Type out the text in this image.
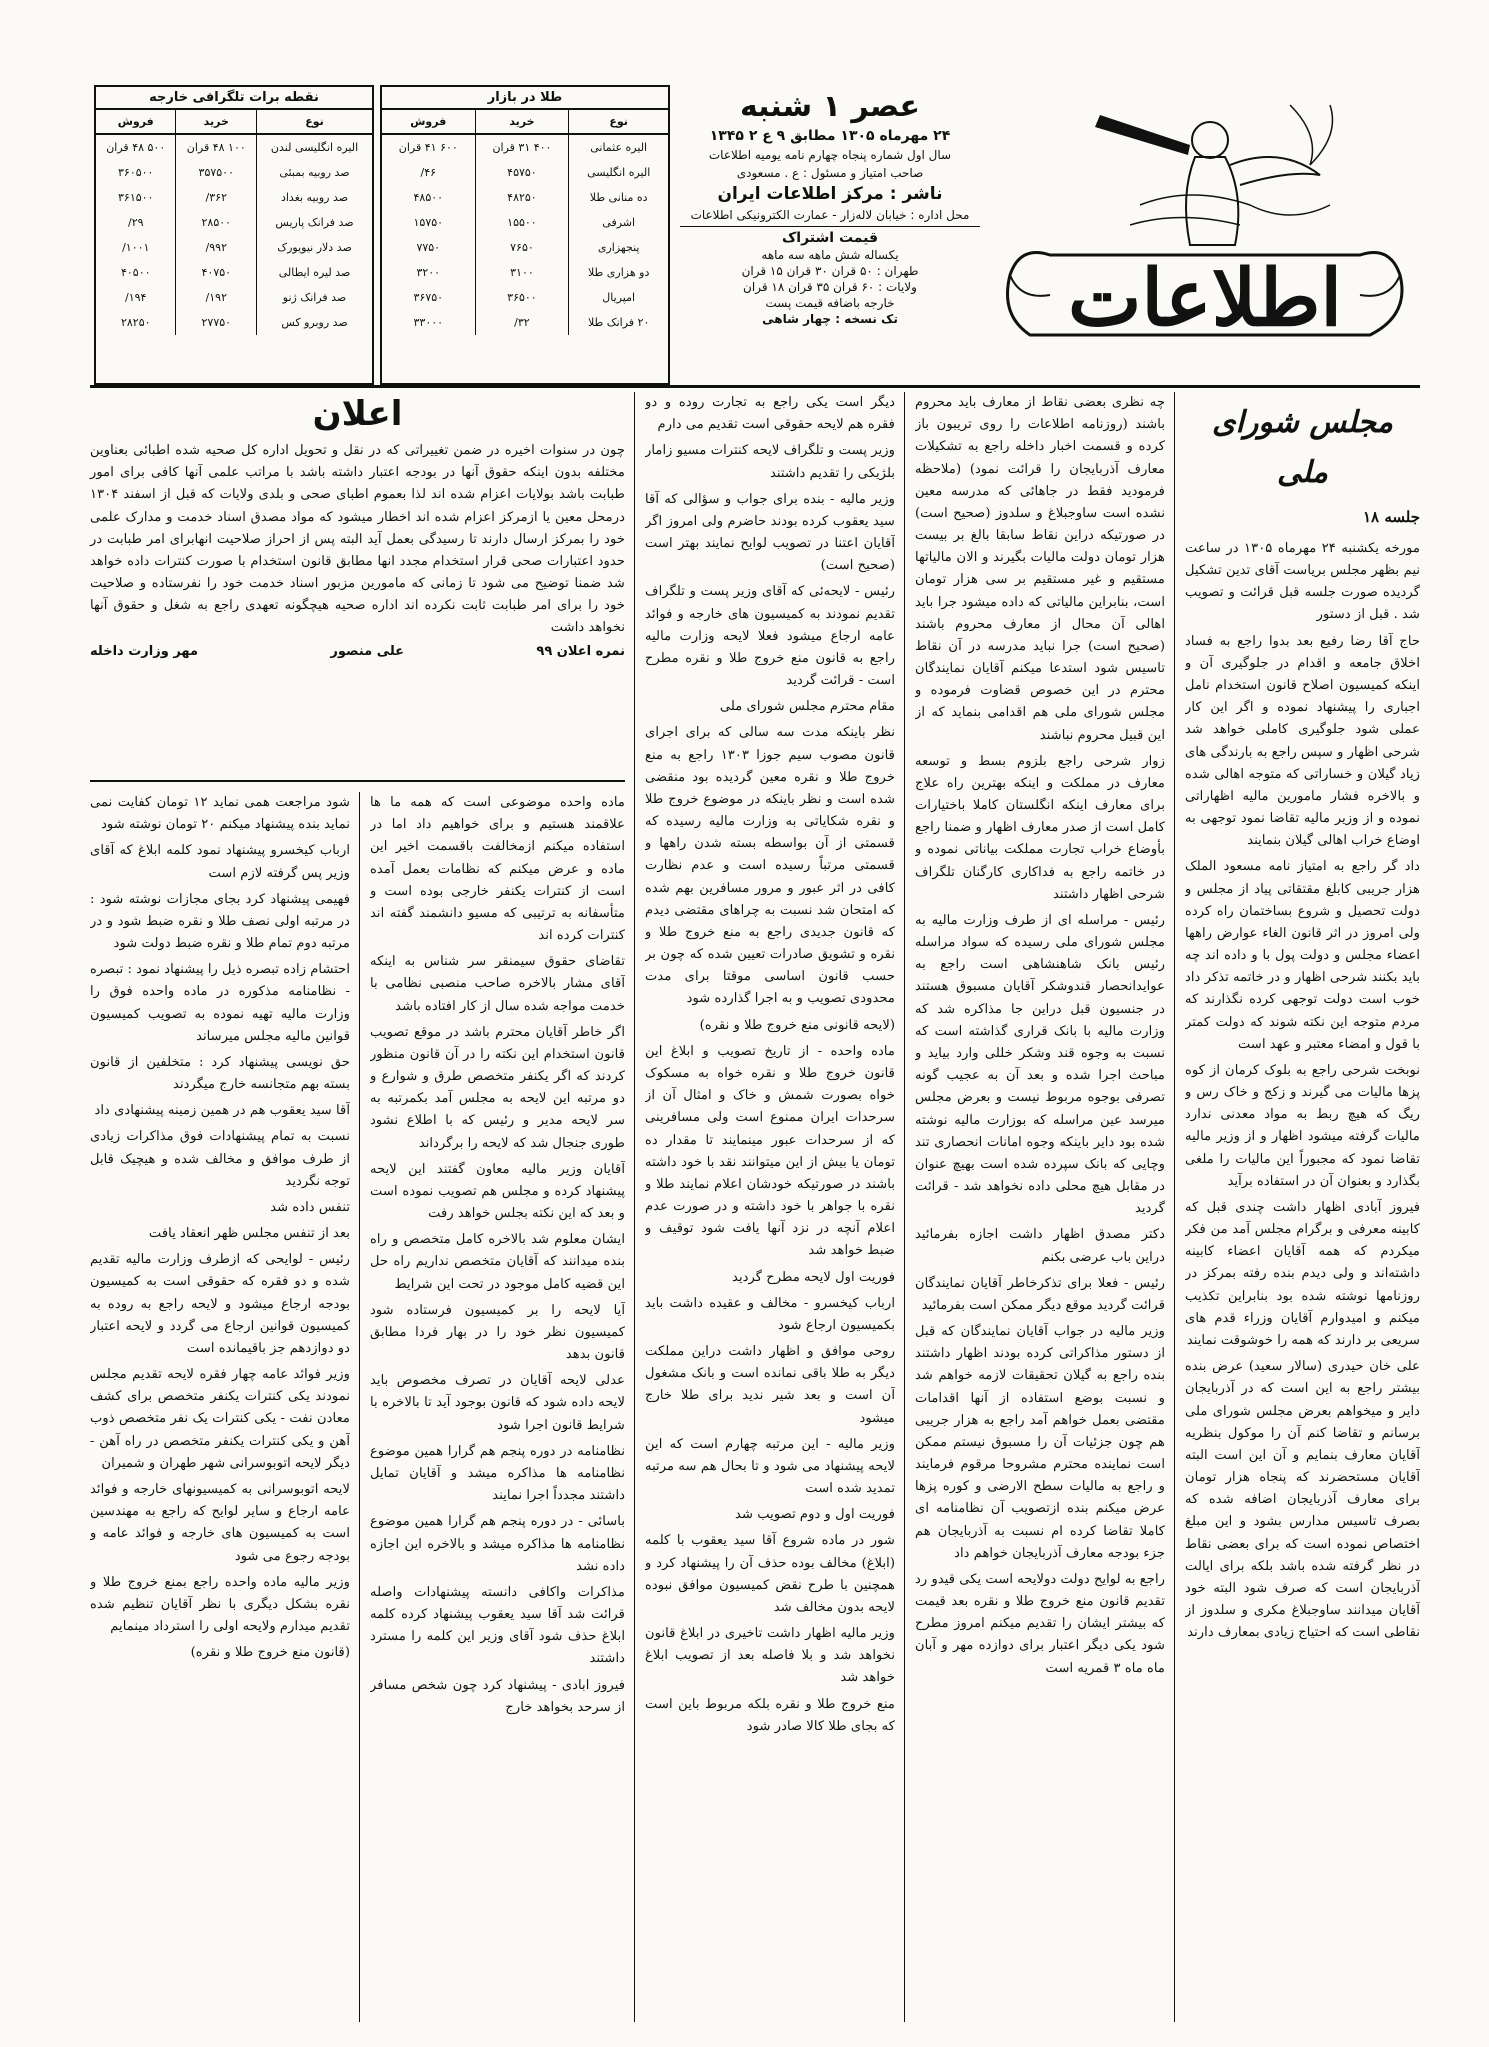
اطلاعات
عصر ۱ شنبه
۲۴ مهرماه ۱۳۰۵ مطابق ۹ ع ۲ ۱۳۴۵
سال اول شماره پنجاه چهارم نامه یومیه اطلاعات
صاحب امتیاز و مسئول : ع . مسعودی
ناشر : مرکز اطلاعات ایران
محل اداره : خیابان لاله‌زار - عمارت الکترونیکی اطلاعات
قیمت اشتراک
یکساله شش ماهه سه ماهه
طهران : ۵۰ قران ۳۰ قران ۱۵ قران
ولایات : ۶۰ قران ۳۵ قران ۱۸ قران
خارجه باضافه قیمت پست
تک نسخه : چهار شاهی
طلا در بازار
نوع	خرید	فروش
الیره عثمانی	۴۰۰ ۳۱ قران	۶۰۰ ۴۱ قران
الیره انگلیسی	۴۵۷۵۰	۴۶/
ده منانی طلا	۴۸۲۵۰	۴۸۵۰۰
اشرفی	۱۵۵۰۰	۱۵۷۵۰
پنجهزاری	۷۶۵۰	۷۷۵۰
دو هزاری طلا	۳۱۰۰	۳۲۰۰
امپریال	۳۶۵۰۰	۳۶۷۵۰
۲۰ فرانک طلا	۳۲/	۳۳۰۰۰
نقطه برات تلگرافی خارجه
نوع	خرید	فروش
الیره انگلیسی لندن	۱۰۰ ۴۸ قران	۵۰۰ ۴۸ قران
صد روبیه بمبئی	۳۵۷۵۰۰	۳۶۰۵۰۰
صد روبیه بغداد	۳۶۲/	۳۶۱۵۰۰
صد فرانک پاریس	۲۸۵۰۰	۲۹/
صد دلار نیویورک	۹۹۲/	۱۰۰۱/
صد لیره ایطالی	۴۰۷۵۰	۴۰۵۰۰
صد فرانک ژنو	۱۹۲/	۱۹۴/
صد روبرو کس	۲۷۷۵۰	۲۸۲۵۰
مجلس شورای ملی
جلسه ۱۸

مورخه یکشنبه ۲۴ مهرماه ۱۳۰۵ در ساعت نیم بظهر مجلس بریاست آقای تدین تشکیل گردیده صورت جلسه قبل قرائت و تصویب شد . قبل از دستور

حاج آقا رضا رفیع بعد بدوا راجع به فساد اخلاق جامعه و اقدام در جلوگیری آن و اینکه کمیسیون اصلاح قانون استخدام نامل اجباری را پیشنهاد نموده و اگر این کار عملی شود جلوگیری کاملی خواهد شد شرحی اظهار و سپس راجع به بارندگی های زیاد گیلان و خساراتی که متوجه اهالی شده و بالاخره فشار مامورین مالیه اظهاراتی نموده و از وزیر مالیه تقاضا نمود توجهی به اوضاع خراب اهالی گیلان بنمایند

داد گر راجع به امتیاز نامه مسعود الملک هزار جریبی کابلغ مقتقاتی پیاد از مجلس و دولت تحصیل و شروع بساختمان راه کرده ولی امروز در اثر قانون الغاء عوارض راهها اعضاء مجلس و دولت پول با و داده اند چه باید بکنند شرحی اظهار و در خاتمه تذکر داد خوب است دولت توجهی کرده نگذارند که مردم متوجه این نکته شوند که دولت کمتر با قول و امضاء معتبر و عهد است

نوبخت شرحی راجع به بلوک کرمان از کوه پزها مالیات می گیرند و زکج و خاک رس و ریگ که هیچ ربط به مواد معدنی ندارد مالیات گرفته میشود اظهار و از وزیر مالیه تقاضا نمود که مجبوراً این مالیات را ملغی بگذارد و بعنوان آن در استفاده برآید

فیروز آبادی اظهار داشت چندی قبل که کابینه معرفی و برگرام مجلس آمد من فکر میکردم که همه آقایان اعضاء کابینه داشته‌اند و ولی دیدم بنده رفته بمرکز در روزنامها نوشته شده بود بنابراین تکذیب میکنم و امیدوارم آقایان وزراء قدم های سریعی بر دارند که همه را خوشوقت نمایند

علی خان حیدری (سالار سعید) عرض بنده بیشتر راجع به این است که در آذربایجان دایر و میخواهم بعرض مجلس شورای ملی برسانم و تقاضا کنم آن را موکول بنظریه آقایان معارف بنمایم و آن این است البته آقایان مستحضرند که پنجاه هزار تومان برای معارف آذربایجان اضافه شده که بصرف تاسیس مدارس بشود و این مبلغ اختصاص نموده است که برای بعضی نقاط در نظر گرفته شده باشد بلکه برای ایالت آذربایجان است که صرف شود البته خود آقایان میدانند ساوجبلاغ مکری و سلدوز از نقاطی است که احتیاج زیادی بمعارف دارند

چه نظری بعضی نقاط از معارف باید محروم باشند (روزنامه اطلاعات را روی تریبون باز کرده و قسمت اخبار داخله راجع به تشکیلات معارف آذربایجان را قرائت نمود) (ملاحظه فرمودید فقط در جاهائی که مدرسه معین نشده است ساوجبلاغ و سلدوز (صحیح است) در صورتیکه دراین نقاط سابقا بالغ بر بیست هزار تومان دولت مالیات بگیرند و الان مالیاتها مستقیم و غیر مستقیم بر سی هزار تومان است، بنابراین مالیاتی که داده میشود جرا باید اهالی آن محال از معارف محروم باشند (صحیح است) جرا نباید مدرسه در آن نقاط تاسیس شود استدعا میکنم آقایان نمایندگان محترم در این خصوص قضاوت فرموده و مجلس شورای ملی هم اقدامی بنماید که از این قبیل محروم نباشند

زوار شرحی راجع بلزوم بسط و توسعه معارف در مملکت و اینکه بهترین راه علاج برای معارف اینکه انگلستان کاملا باختیارات کامل است از صدر معارف اظهار و ضمنا راجع بأوضاع خراب تجارت مملکت بیاناتی نموده و در خاتمه راجع به فداکاری کارگنان تلگراف شرحی اظهار داشتند

رئیس - مراسله ای از طرف وزارت مالیه به مجلس شورای ملی رسیده که سواد مراسله رئیس بانک شاهنشاهی است راجع به عوایدانحصار قندوشکر آقایان مسبوق هستند در جنسیون قبل دراین جا مذاکره شد که وزارت مالیه با بانک قراری گذاشته است که نسبت به وجوه قند وشکر خللی وارد بیاید و مباحث اجرا شده و بعد آن به عجیب گونه تصرفی بوجوه مربوط نیست و بعرض مجلس میرسد عین مراسله که بوزارت مالیه نوشته شده بود دایر باینکه وجوه امانات انحصاری تند وچایی که بانک سپرده شده است بهیچ عنوان در مقابل هیچ محلی داده نخواهد شد - قرائت گردید

دکتر مصدق اظهار داشت اجازه بفرمائید دراین باب عرضی بکنم

رئیس - فعلا برای تذکرخاطر آقایان نمایندگان قرائت گردید موقع دیگر ممکن است بفرمائید

وزیر مالیه در جواب آقایان نمایندگان که قبل از دستور مذاکراتی کرده بودند اظهار داشتند بنده راجع به گیلان تحقیقات لازمه خواهم شد و نسبت بوضع استفاده از آنها اقدامات مقتضی بعمل خواهم آمد راجع به هزار جریبی هم چون جزئیات آن را مسبوق نیستم ممکن است نماینده محترم مشروحا مرقوم فرمایند و راجع به مالیات سطح الارضی و کوره پزها عرض میکنم بنده ازتصویب آن نظامنامه ای کاملا تقاضا کرده ام نسبت به آذربایجان هم جزء بودجه معارف آذربایجان خواهم داد

راجع به لوایح دولت دولایحه است یکی قیدو رد تقدیم قانون منع خروج طلا و نقره بعد قیمت که بیشتر ایشان را تقدیم میکنم امروز مطرح شود یکی دیگر اعتبار برای دوازده مهر و آبان ماه ماه ۳ قمریه است

دیگر است یکی راجع به تجارت روده و دو فقره هم لایحه حقوقی است تقدیم می دارم

وزیر پست و تلگراف لایحه کنترات مسیو زامار بلژیکی را تقدیم داشتند

وزیر مالیه - بنده برای جواب و سؤالی که آقا سید یعقوب کرده بودند حاضرم ولی امروز اگر آقایان اعتنا در تصویب لوایح نمایند بهتر است (صحیح است)

رئیس - لایحه‌ئی که آقای وزیر پست و تلگراف تقدیم نمودند به کمیسیون های خارجه و فوائد عامه ارجاع میشود فعلا لایحه وزارت مالیه راجع به قانون منع خروج طلا و نقره مطرح است - قرائت گردید

مقام محترم مجلس شورای ملی

نظر باینکه مدت سه سالی که برای اجرای قانون مصوب سیم جوزا ۱۳۰۳ راجع به منع خروج طلا و نقره معین گردیده بود منقضی شده است و نظر باینکه در موضوع خروج طلا و نقره شکایاتی به وزارت مالیه رسیده که قسمتی از آن بواسطه بسته شدن راهها و قسمتی مرتباً رسیده است و عدم نظارت کافی در اثر عبور و مرور مسافرین بهم شده که امتحان شد نسبت به چراهای مقتضی دیدم که قانون جدیدی راجع به منع خروج طلا و نقره و تشویق صادرات تعیین شده که چون بر حسب قانون اساسی موقتا برای مدت محدودی تصویب و به اجرا گذارده شود

(لایحه قانونی منع خروج طلا و نقره)

ماده واحده - از تاریخ تصویب و ابلاغ این قانون خروج طلا و نقره خواه به مسکوک خواه بصورت شمش و خاک و امثال آن از سرحدات ایران ممنوع است ولی مسافرینی که از سرحدات عبور مینمایند تا مقدار ده تومان یا بیش از این میتوانند نقد با خود داشته باشند در صورتیکه خودشان اعلام نمایند طلا و نقره با جواهر با خود داشته و در صورت عدم اعلام آنچه در نزد آنها یافت شود توقیف و ضبط خواهد شد

فوریت اول لایحه مطرح گردید

ارباب کیخسرو - مخالف و عقیده داشت باید بکمیسیون ارجاع شود

روحی موافق و اظهار داشت دراین مملکت دیگر به طلا باقی نمانده است و بانک مشغول آن است و بعد شیر ندید برای طلا خارج میشود

وزیر مالیه - این مرتبه چهارم است که این لایحه پیشنهاد می شود و تا بحال هم سه مرتبه تمدید شده است

فوریت اول و دوم تصویب شد

شور در ماده شروع آقا سید یعقوب با کلمه (ابلاغ) مخالف بوده حذف آن را پیشنهاد کرد و همچنین با طرح نقض کمیسیون موافق نبوده لایحه بدون مخالف شد

وزیر مالیه اظهار داشت تاخیری در ابلاغ قانون نخواهد شد و بلا فاصله بعد از تصویب ابلاغ خواهد شد

منع خروج طلا و نقره بلکه مربوط باین است که بجای طلا کالا صادر شود

اعلان
چون در سنوات اخیره در ضمن تغییراتی که در نقل و تحویل اداره کل صحیه شده اطبائی بعناوین مختلفه بدون اینکه حقوق آنها در بودجه اعتبار داشته باشد با مراتب علمی آنها کافی برای امور طبابت باشد بولایات اعزام شده اند لذا بعموم اطبای صحی و بلدی ولایات که قبل از اسفند ۱۳۰۴ درمحل معین یا ازمرکز اعزام شده اند اخطار میشود که مواد مصدق اسناد خدمت و مدارک علمی خود را بمرکز ارسال دارند تا رسیدگی بعمل آید البته پس از احراز صلاحیت انهابرای امر طبابت در حدود اعتبارات صحی قرار استخدام مجدد انها مطابق قانون استخدام با صورت کنترات داده خواهد شد ضمنا توضیح می شود تا زمانی که مامورین مزبور اسناد خدمت خود را نفرستاده و صلاحیت خود را برای امر طبابت ثابت نکرده اند اداره صحیه هیچگونه تعهدی راجع به شغل و حقوق آنها نخواهد داشت
نمره اعلان ۹۹
علی منصور
مهر وزارت داخله

ماده واحده موضوعی است که همه ما ها علاقمند هستیم و برای خواهیم داد اما در استفاده میکنم ازمخالفت باقسمت اخیر این ماده و عرض میکنم که نظامات بعمل آمده است از کنترات یکنفر خارجی بوده است و متأسفانه به ترتیبی که مسیو دانشمند گفته اند کنترات کرده اند

تقاضای حقوق سیمنقر سر شناس به اینکه آقای مشار بالاخره صاحب منصبی نظامی با خدمت مواجه شده سال از کار افتاده باشد

اگر خاطر آقایان محترم باشد در موقع تصویب قانون استخدام این نکته را در آن قانون منظور کردند که اگر یکنفر متخصص طرق و شوارع و دو مرتبه این لایحه به مجلس آمد بکمرتبه به سر لایحه مدیر و رئیس که با اطلاع نشود طوری جنجال شد که لایحه را برگرداند

آقایان وزیر مالیه معاون گفتند این لایحه پیشنهاد کرده و مجلس هم تصویب نموده است و بعد که این نکته بجلس خواهد رفت

ایشان معلوم شد بالاخره کامل متخصص و راه بنده میدانند که آقایان متخصص نداریم راه حل این قضیه کامل موجود در تحت این شرایط

آیا لایحه را بر کمیسیون فرستاده شود کمیسیون نظر خود را در بهار فردا مطابق قانون بدهد

عدلی لایحه آقایان در تصرف مخصوص باید لایحه داده شود که قانون بوجود آید تا بالاخره با شرایط قانون اجرا شود

نظامنامه در دوره پنجم هم گرارا همین موضوع نظامنامه ها مذاکره میشد و آقایان تمایل داشتند مجدداً اجرا نمایند

باسائی - در دوره پنجم هم گرارا همین موضوع نظامنامه ها مذاکره میشد و بالاخره این اجازه داده نشد

مذاکرات واکافی دانسته پیشنهادات واصله قرائت شد آقا سید یعقوب پیشنهاد کرده کلمه ابلاغ حذف شود آقای وزیر این کلمه را مسترد داشتند

فیروز ابادی - پیشنهاد کرد چون شخص مسافر از سرحد بخواهد خارج

شود مراجعت همی نماید ۱۲ تومان کفایت نمی نماید بنده پیشنهاد میکنم ۲۰ تومان نوشته شود

ارباب کیخسرو پیشنهاد نمود کلمه ابلاغ که آقای وزیر پس گرفته لازم است

فهیمی پیشنهاد کرد بجای مجازات نوشته شود : در مرتبه اولی نصف طلا و نقره ضبط شود و در مرتبه دوم تمام طلا و نقره ضبط دولت شود

احتشام زاده تبصره ذیل را پیشنهاد نمود : تبصره - نظامنامه مذکوره در ماده واحده فوق را وزارت مالیه تهیه نموده به تصویب کمیسیون قوانین مالیه مجلس میرساند

حق نویسی پیشنهاد کرد : متخلفین از قانون بسته بهم متجانسه خارج میگردند

آقا سید یعقوب هم در همین زمینه پیشنهادی داد

نسبت به تمام پیشنهادات فوق مذاکرات زیادی از طرف موافق و مخالف شده و هیچیک قابل توجه نگردید

تنفس داده شد

بعد از تنفس مجلس ظهر انعقاد یافت

رئیس - لوایحی که ازطرف وزارت مالیه تقدیم شده و دو فقره که حقوقی است به کمیسیون بودجه ارجاع میشود و لایحه راجع به روده به کمیسیون قوانین ارجاع می گردد و لایحه اعتبار دو دوازدهم جز باقیمانده است

وزیر فوائد عامه چهار فقره لایحه تقدیم مجلس نمودند یکی کنترات یکنفر متخصص برای کشف معادن نفت - یکی کنترات یک نفر متخصص ذوب آهن و یکی کنترات یکنفر متخصص در راه آهن - دیگر لایحه اتوبوسرانی شهر طهران و شمیران

لایحه اتوبوسرانی به کمیسیونهای خارجه و فوائد عامه ارجاع و سایر لوایح که راجع به مهندسین است به کمیسیون های خارجه و فوائد عامه و بودجه رجوع می شود

وزیر مالیه ماده واحده راجع بمنع خروج طلا و نقره بشکل دیگری با نظر آقایان تنظیم شده تقدیم میدارم ولایحه اولی را استرداد مینمایم

(قانون منع خروج طلا و نقره)
